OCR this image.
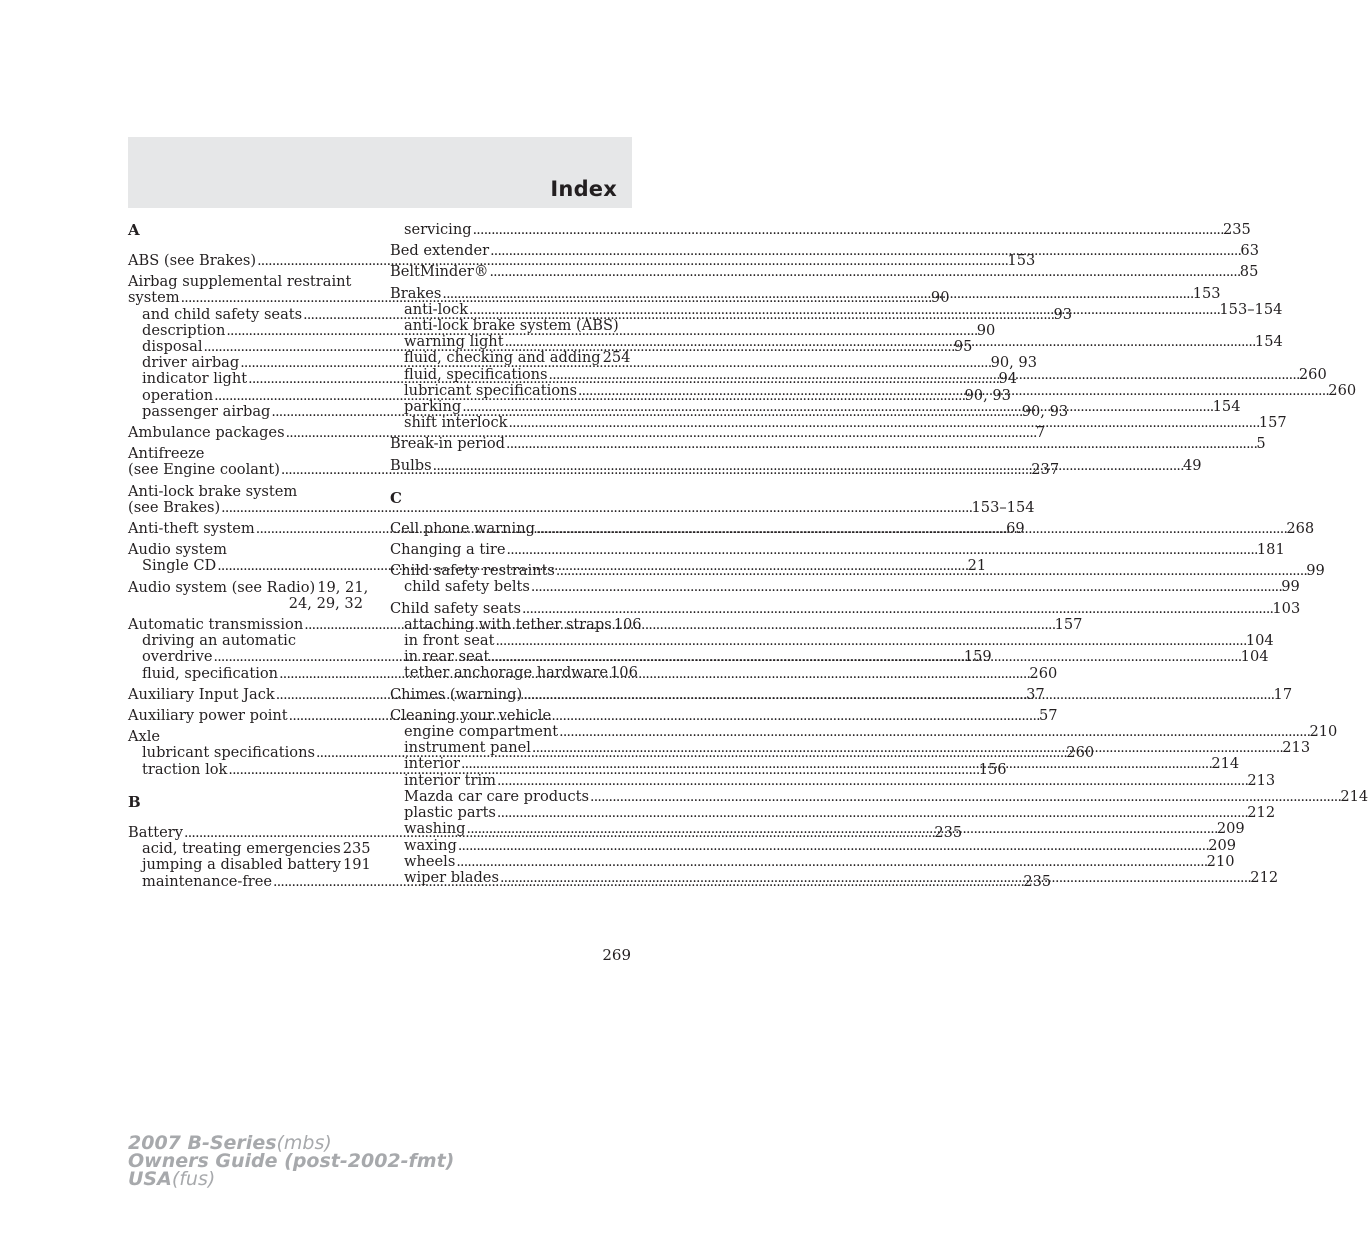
Index
A
ABS (see Brakes) . . .	153
Airbag supplemental restraint
system . . .	90
and child safety seats . . .	93
description . . .	90
disposal . . .	95
driver airbag . . .	90, 93
indicator light . . .	94
operation . . .	90, 93
passenger airbag . . .	90, 93
Ambulance packages . . .	7
Antifreeze
(see Engine coolant) . . .	237
Anti-lock brake system
(see Brakes) . . .	153–154
Anti-theft system . . .	69
Audio system
Single CD . . .	21
Audio system (see Radio) 19, 21,
24, 29, 32
Automatic transmission . . .	157
driving an automatic
overdrive . . .	159
fluid, specification . . .	260
Auxiliary Input Jack . . .	37
Auxiliary power point . . .	57
Axle
lubricant specifications . . .	260
traction lok . . .	156
B
Battery . . .	235
acid, treating emergencies 235
jumping a disabled battery 191
maintenance-free . . .	235
servicing . . .	235
Bed extender . . .	63
BeltMinder® . . .	85
Brakes . . .	153
anti-lock . . .	153–154
anti-lock brake system (ABS)
warning light . . .	154
fluid, checking and adding 254
fluid, specifications . . .	260
lubricant specifications . . .	260
parking . . .	154
shift interlock . . .	157
Break-in period . . .	5
Bulbs . . .	49
C
Cell phone warning . . .	268
Changing a tire . . .	181
Child safety restraints . . .	99
child safety belts . . .	99
Child safety seats . . .	103
attaching with tether straps 106
in front seat . . .	104
in rear seat . . .	104
tether anchorage hardware 106
Chimes (warning) . . .	17
Cleaning your vehicle
engine compartment . . .	210
instrument panel . . .	213
interior . . .	214
interior trim . . .	213
Mazda car care products . . .	214
plastic parts . . .	212
washing . . .	209
waxing . . .	209
wheels . . .	210
wiper blades . . .	212
269
2007 B-Series(mbs)
Owners Guide (post-2002-fmt)
USA(fus)
